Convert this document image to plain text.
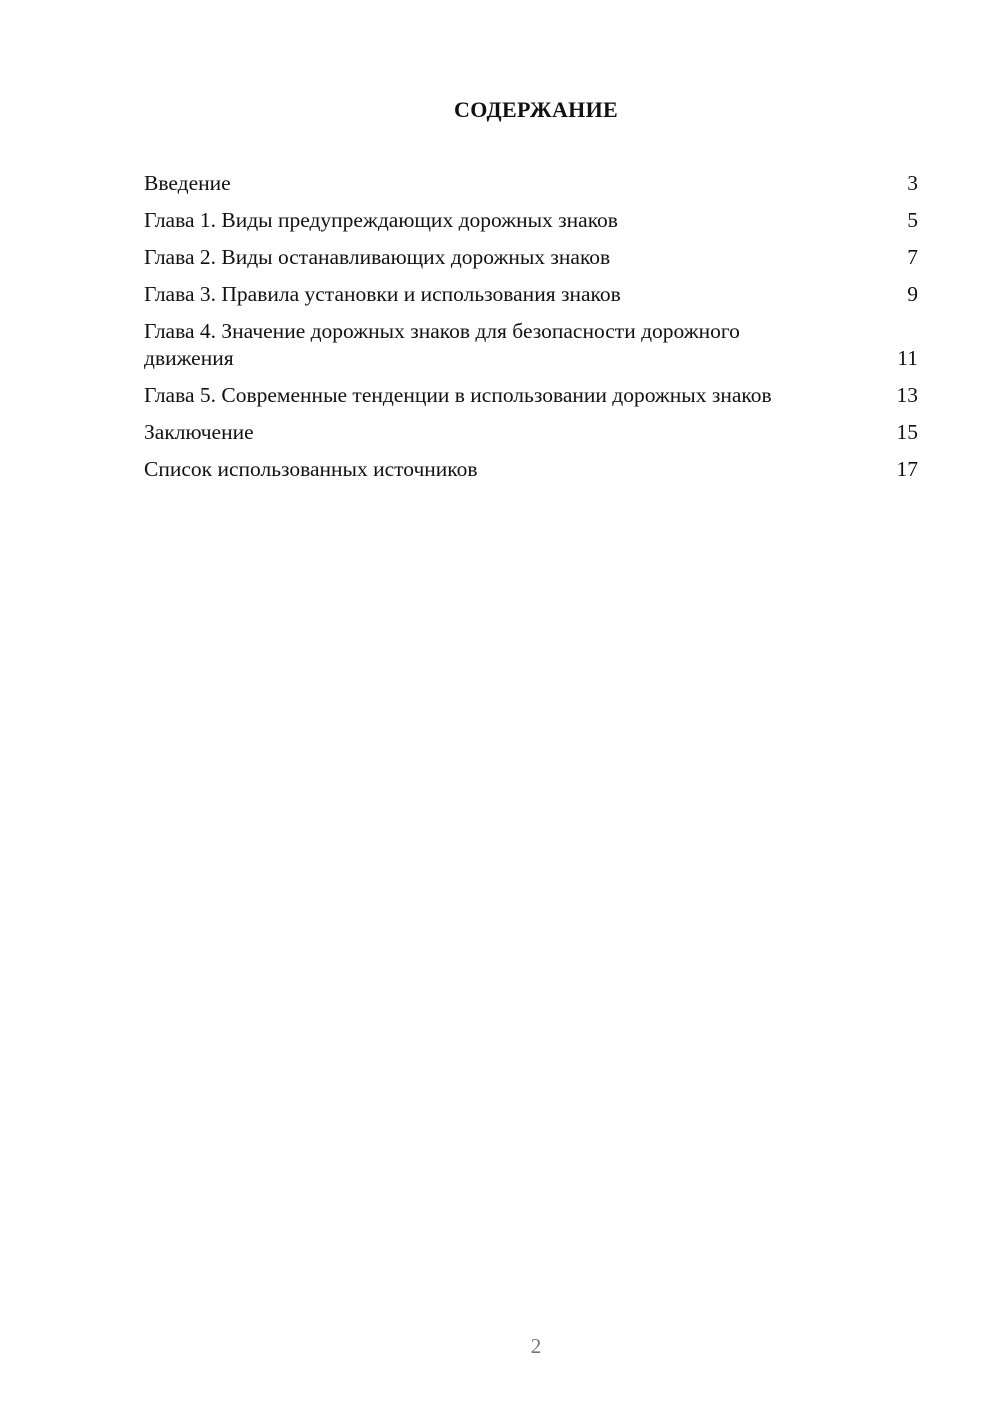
СОДЕРЖАНИЕ
Введение	3
Глава 1. Виды предупреждающих дорожных знаков	5
Глава 2. Виды останавливающих дорожных знаков	7
Глава 3. Правила установки и использования знаков	9
Глава 4. Значение дорожных знаков для безопасности дорожного движения	11
Глава 5. Современные тенденции в использовании дорожных знаков	13
Заключение	15
Список использованных источников	17
2
